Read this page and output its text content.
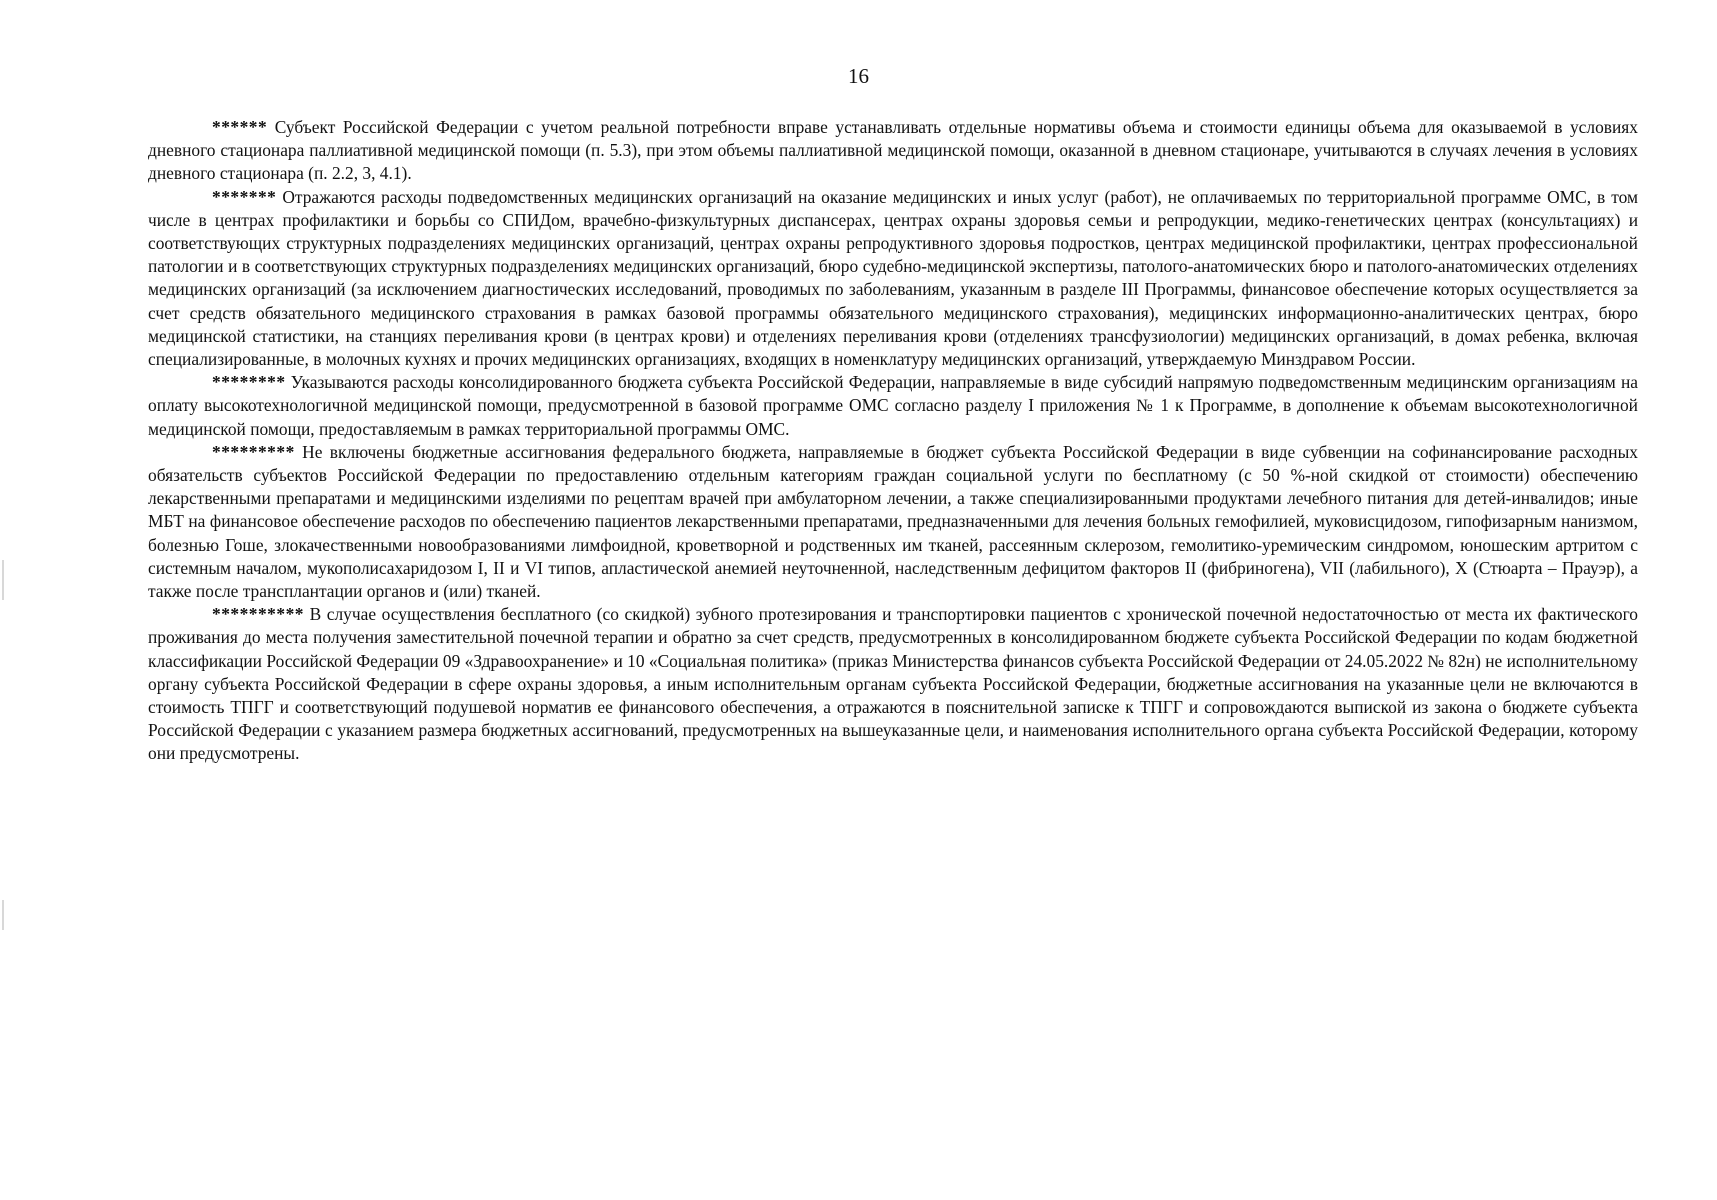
16

****** Субъект Российской Федерации с учетом реальной потребности вправе устанавливать отдельные нормативы объема и стоимости единицы объема для оказываемой в условиях дневного стационара паллиативной медицинской помощи (п. 5.3), при этом объемы паллиативной медицинской помощи, оказанной в дневном стационаре, учитываются в случаях лечения в условиях дневного стационара (п. 2.2, 3, 4.1).

******* Отражаются расходы подведомственных медицинских организаций на оказание медицинских и иных услуг (работ), не оплачиваемых по территориальной программе ОМС, в том числе в центрах профилактики и борьбы со СПИДом, врачебно-физкультурных диспансерах, центрах охраны здоровья семьи и репродукции, медико-генетических центрах (консультациях) и соответствующих структурных подразделениях медицинских организаций, центрах охраны репродуктивного здоровья подростков, центрах медицинской профилактики, центрах профессиональной патологии и в соответствующих структурных подразделениях медицинских организаций, бюро судебно-медицинской экспертизы, патолого-анатомических бюро и патолого-анатомических отделениях медицинских организаций (за исключением диагностических исследований, проводимых по заболеваниям, указанным в разделе III Программы, финансовое обеспечение которых осуществляется за счет средств обязательного медицинского страхования в рамках базовой программы обязательного медицинского страхования), медицинских информационно-аналитических центрах, бюро медицинской статистики, на станциях переливания крови (в центрах крови) и отделениях переливания крови (отделениях трансфузиологии) медицинских организаций, в домах ребенка, включая специализированные, в молочных кухнях и прочих медицинских организациях, входящих в номенклатуру медицинских организаций, утверждаемую Минздравом России.

******** Указываются расходы консолидированного бюджета субъекта Российской Федерации, направляемые в виде субсидий напрямую подведомственным медицинским организациям на оплату высокотехнологичной медицинской помощи, предусмотренной в базовой программе ОМС согласно разделу I приложения № 1 к Программе, в дополнение к объемам высокотехнологичной медицинской помощи, предоставляемым в рамках территориальной программы ОМС.

********* Не включены бюджетные ассигнования федерального бюджета, направляемые в бюджет субъекта Российской Федерации в виде субвенции на софинансирование расходных обязательств субъектов Российской Федерации по предоставлению отдельным категориям граждан социальной услуги по бесплатному (с 50 %-ной скидкой от стоимости) обеспечению лекарственными препаратами и медицинскими изделиями по рецептам врачей при амбулаторном лечении, а также специализированными продуктами лечебного питания для детей-инвалидов; иные МБТ на финансовое обеспечение расходов по обеспечению пациентов лекарственными препаратами, предназначенными для лечения больных гемофилией, муковисцидозом, гипофизарным нанизмом, болезнью Гоше, злокачественными новообразованиями лимфоидной, кроветворной и родственных им тканей, рассеянным склерозом, гемолитико-уремическим синдромом, юношеским артритом с системным началом, мукополисахаридозом I, II и VI типов, апластической анемией неуточненной, наследственным дефицитом факторов II (фибриногена), VII (лабильного), X (Стюарта – Прауэр), а также после трансплантации органов и (или) тканей.

********** В случае осуществления бесплатного (со скидкой) зубного протезирования и транспортировки пациентов с хронической почечной недостаточностью от места их фактического проживания до места получения заместительной почечной терапии и обратно за счет средств, предусмотренных в консолидированном бюджете субъекта Российской Федерации по кодам бюджетной классификации Российской Федерации 09 «Здравоохранение» и 10 «Социальная политика» (приказ Министерства финансов субъекта Российской Федерации от 24.05.2022 № 82н) не исполнительному органу субъекта Российской Федерации в сфере охраны здоровья, а иным исполнительным органам субъекта Российской Федерации, бюджетные ассигнования на указанные цели не включаются в стоимость ТПГГ и соответствующий подушевой норматив ее финансового обеспечения, а отражаются в пояснительной записке к ТПГГ и сопровождаются выпиской из закона о бюджете субъекта Российской Федерации с указанием размера бюджетных ассигнований, предусмотренных на вышеуказанные цели, и наименования исполнительного органа субъекта Российской Федерации, которому они предусмотрены.
